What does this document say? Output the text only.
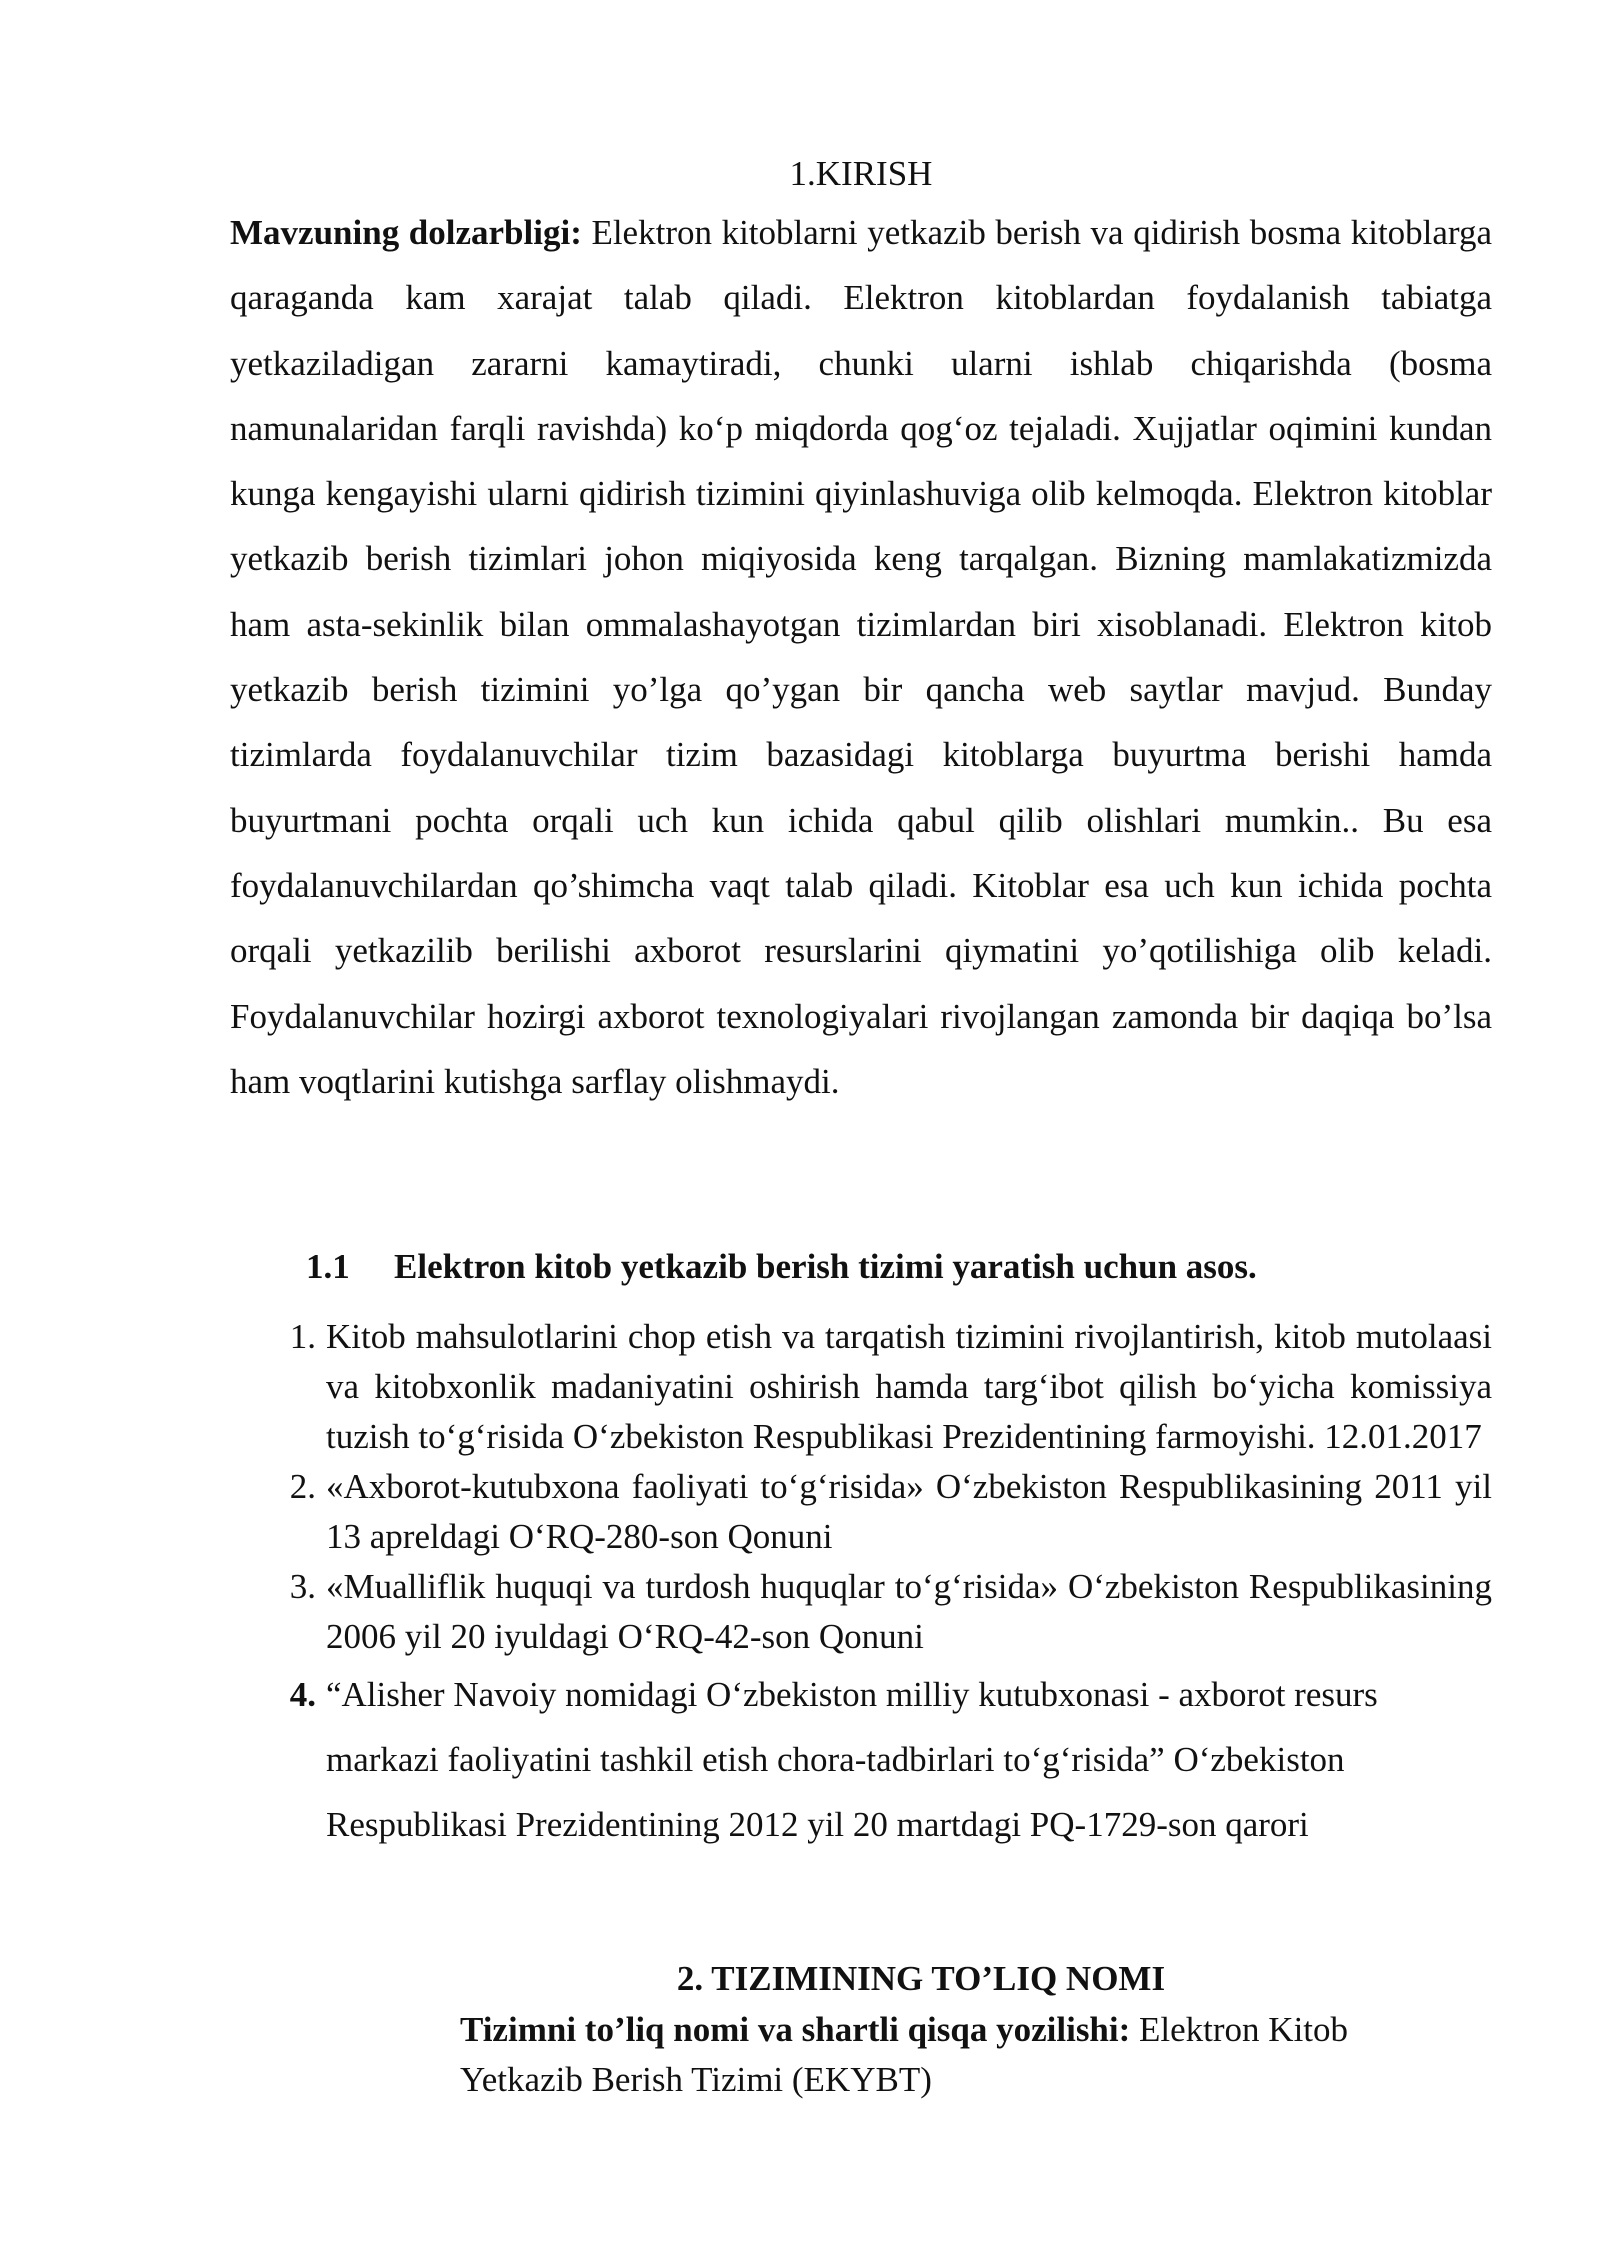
1.KIRISH

Mavzuning dolzarbligi: Elektron kitoblarni yetkazib berish va qidirish bosma kitoblarga qaraganda kam xarajat talab qiladi. Elektron kitoblardan foydalanish tabiatga yetkaziladigan zararni kamaytiradi, chunki ularni ishlab chiqarishda (bosma namunalaridan farqli ravishda) ko‘p miqdorda qog‘oz tejaladi. Xujjatlar oqimini kundan kunga kengayishi ularni qidirish tizimini qiyinlashuviga olib kelmoqda. Elektron kitoblar yetkazib berish tizimlari johon miqiyosida keng tarqalgan. Bizning mamlakatizmizda ham asta-sekinlik bilan ommalashayotgan tizimlardan biri xisoblanadi. Elektron kitob yetkazib berish tizimini yo’lga qo’ygan bir qancha web saytlar mavjud. Bunday tizimlarda foydalanuvchilar tizim bazasidagi kitoblarga buyurtma berishi hamda buyurtmani pochta orqali uch kun ichida qabul qilib olishlari mumkin.. Bu esa foydalanuvchilardan qo’shimcha vaqt talab qiladi. Kitoblar esa uch kun ichida pochta orqali yetkazilib berilishi axborot resurslarini qiymatini yo’qotilishiga olib keladi. Foydalanuvchilar hozirgi axborot texnologiyalari rivojlangan zamonda bir daqiqa bo’lsa ham voqtlarini kutishga sarflay olishmaydi.

1.1	Elektron kitob yetkazib berish tizimi yaratish uchun asos.
1. Kitob mahsulotlarini chop etish va tarqatish tizimini rivojlantirish, kitob mutolaasi va kitobxonlik madaniyatini oshirish hamda targ‘ibot qilish bo‘yicha komissiya tuzish to‘g‘risida O‘zbekiston Respublikasi Prezidentining farmoyishi. 12.01.2017
2. «Axborot-kutubxona faoliyati to‘g‘risida» O‘zbekiston Respublikasining 2011 yil 13 apreldagi O‘RQ-280-son Qonuni
3. «Mualliflik huquqi va turdosh huquqlar to‘g‘risida» O‘zbekiston Respublikasining 2006 yil 20 iyuldagi O‘RQ-42-son Qonuni
4. “Alisher Navoiy nomidagi O‘zbekiston milliy kutubxonasi - axborot resurs markazi faoliyatini tashkil etish chora-tadbirlari to‘g‘risida” O‘zbekiston Respublikasi Prezidentining 2012 yil 20 martdagi PQ-1729-son qarori
2. TIZIMINING TO’LIQ NOMI

Tizimni to’liq nomi va shartli qisqa yozilishi: Elektron Kitob Yetkazib Berish Tizimi (EKYBT)
